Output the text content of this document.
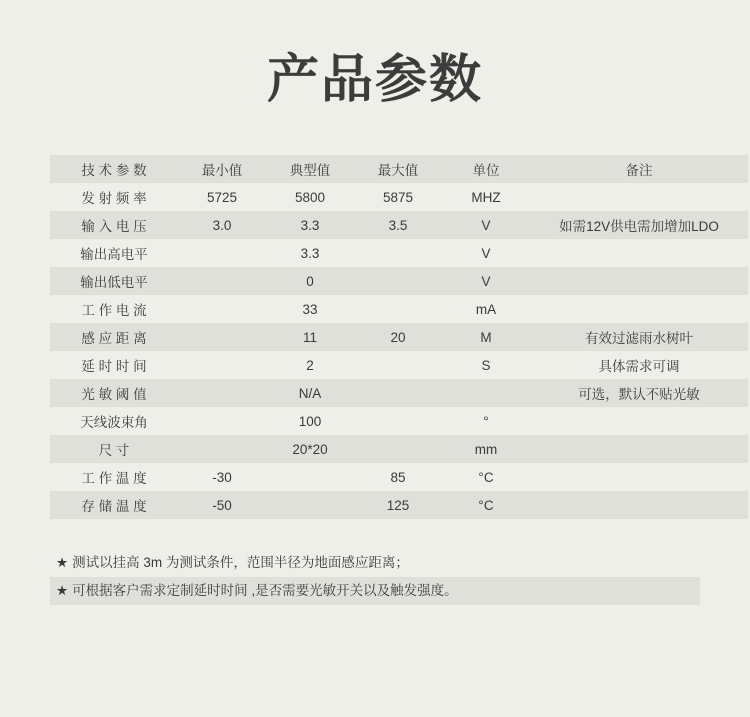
产品参数
技 术 参 数	最小值	典型值	最大值	单位	备注
发 射 频 率	5725	5800	5875	MHZ	
输 入 电 压	3.0	3.3	3.5	V	如需12V供电需加增加LDO
输出高电平		3.3		V	
输出低电平		0		V	
工 作 电 流		33		mA	
感 应 距 离		11	20	M	有效过滤雨水树叶
延 时 时 间		2		S	具体需求可调
光 敏 阈 值		N/A			可选，默认不贴光敏
天线波束角		100		°	
尺 寸		20*20		mm	
工 作 温 度	-30		85	°C	
存 储 温 度	-50		125	°C	
★ 测试以挂高 3m 为测试条件，范围半径为地面感应距离；
★ 可根据客户需求定制延时时间 ,是否需要光敏开关以及触发强度。
